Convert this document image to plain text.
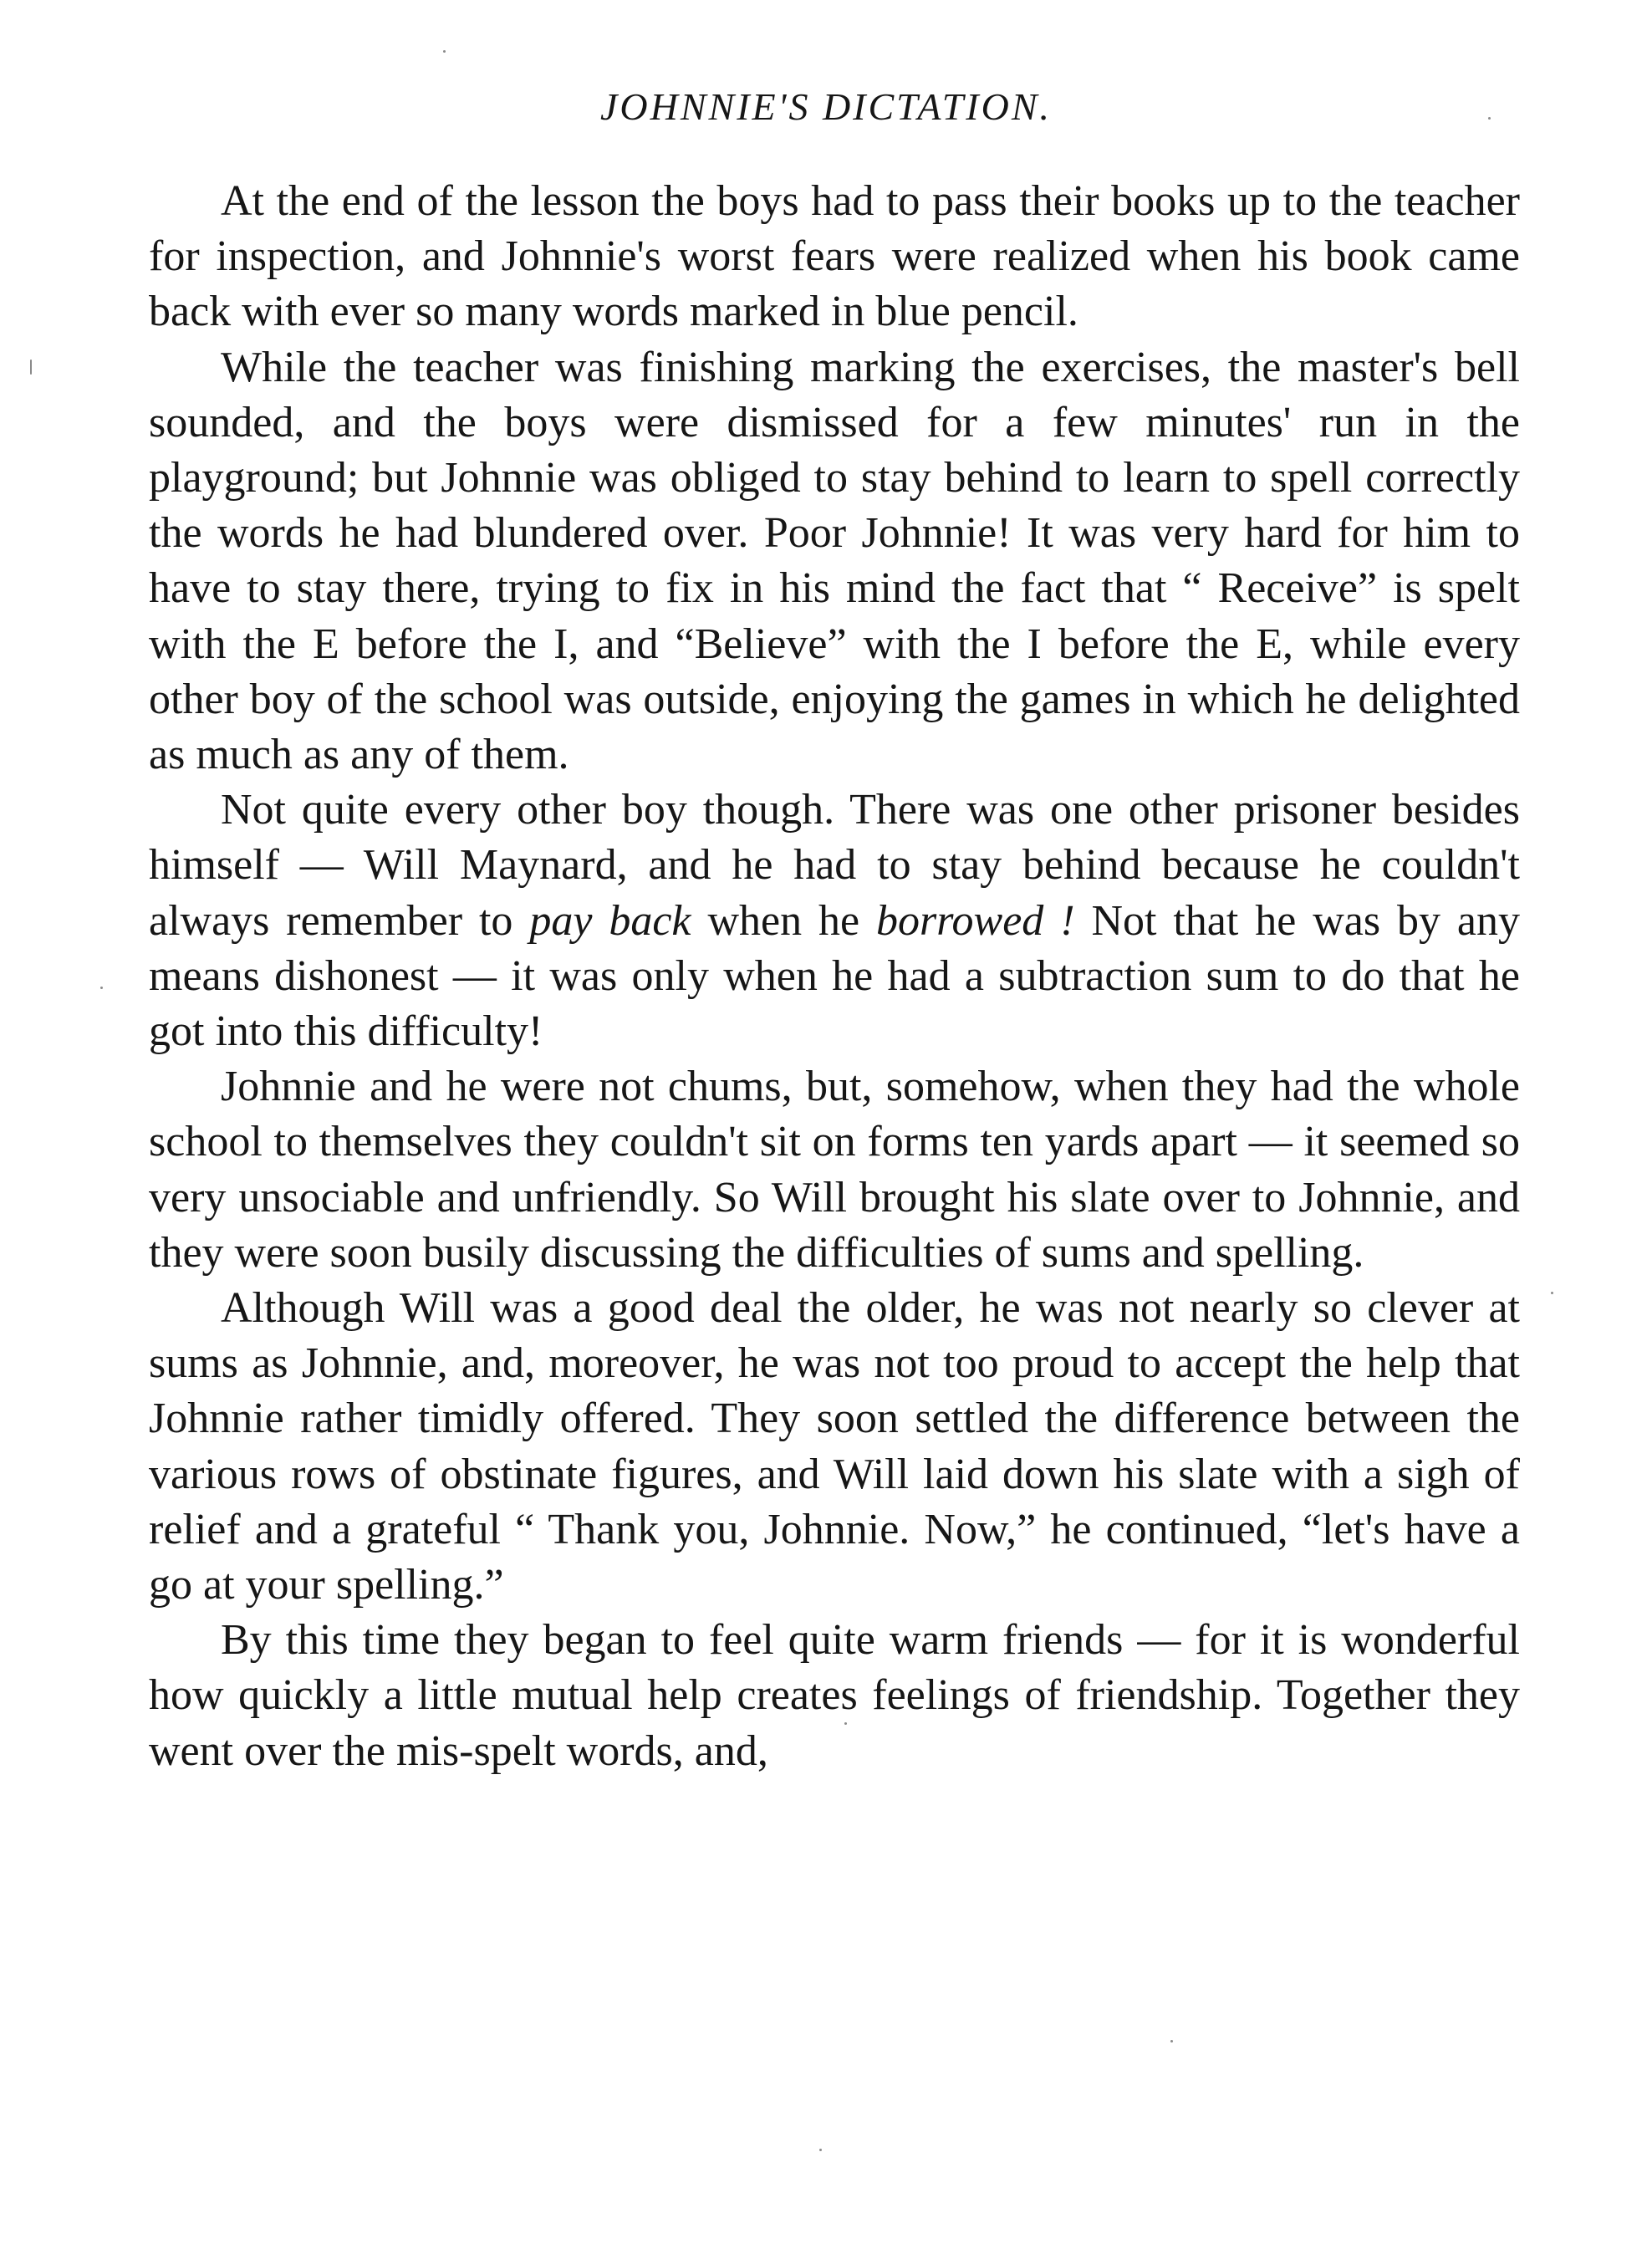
JOHNNIE'S DICTATION.

At the end of the lesson the boys had to pass their books up to the teacher for inspection, and Johnnie's worst fears were realized when his book came back with ever so many words marked in blue pencil.

While the teacher was finishing marking the exercises, the master's bell sounded, and the boys were dismissed for a few minutes' run in the playground; but Johnnie was obliged to stay behind to learn to spell correctly the words he had blundered over. Poor Johnnie! It was very hard for him to have to stay there, trying to fix in his mind the fact that “ Receive” is spelt with the E before the I, and “Believe” with the I before the E, while every other boy of the school was outside, enjoying the games in which he delighted as much as any of them.

Not quite every other boy though. There was one other prisoner besides himself — Will Maynard, and he had to stay behind because he couldn't always remember to pay back when he borrowed ! Not that he was by any means dishonest — it was only when he had a subtraction sum to do that he got into this difficulty!

Johnnie and he were not chums, but, somehow, when they had the whole school to themselves they couldn't sit on forms ten yards apart — it seemed so very unsociable and unfriendly. So Will brought his slate over to Johnnie, and they were soon busily discussing the difficulties of sums and spelling.

Although Will was a good deal the older, he was not nearly so clever at sums as Johnnie, and, moreover, he was not too proud to accept the help that Johnnie rather timidly offered. They soon settled the difference between the various rows of obstinate figures, and Will laid down his slate with a sigh of relief and a grateful “ Thank you, Johnnie. Now,” he continued, “let's have a go at your spelling.”

By this time they began to feel quite warm friends — for it is wonderful how quickly a little mutual help creates feelings of friendship. Together they went over the mis-spelt words, and,
